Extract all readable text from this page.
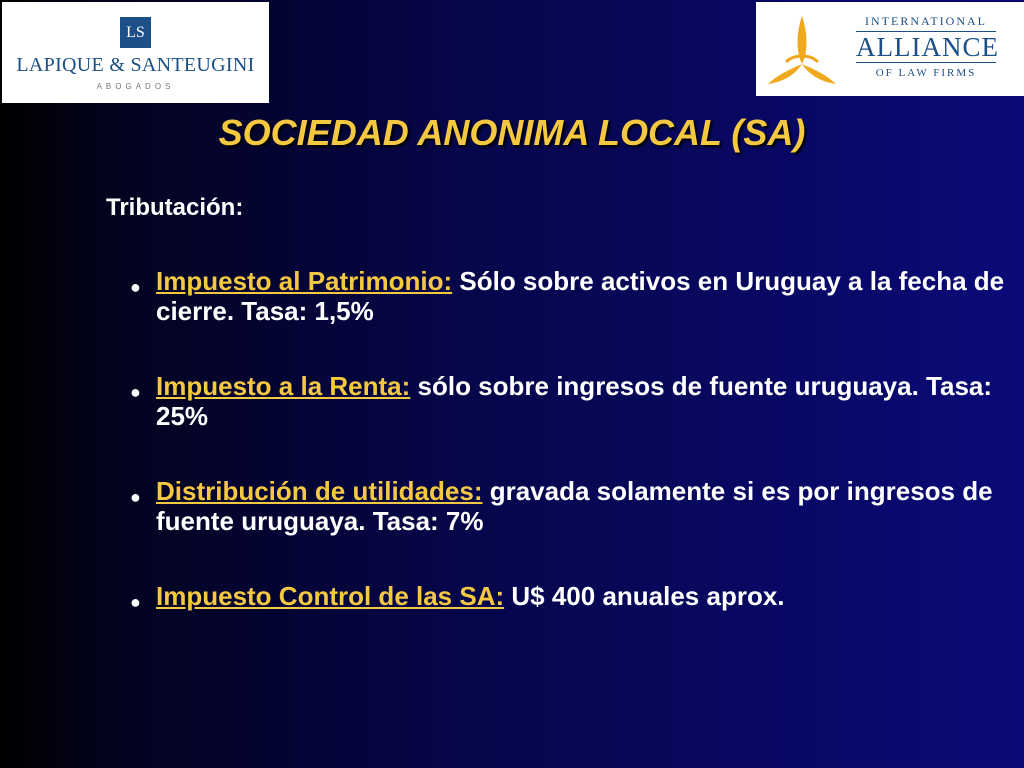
LS
LAPIQUE & SANTEUGINI
ABOGADOS
INTERNATIONAL
ALLIANCE
OF LAW FIRMS
SOCIEDAD ANONIMA LOCAL (SA)
Tributación:
● Impuesto al Patrimonio: Sólo sobre activos en Uruguay a la fecha de cierre. Tasa: 1,5%
● Impuesto a la Renta: sólo sobre ingresos de fuente uruguaya. Tasa: 25%
● Distribución de utilidades: gravada solamente si es por ingresos de fuente uruguaya. Tasa: 7%
● Impuesto Control de las SA: U$ 400 anuales aprox.
